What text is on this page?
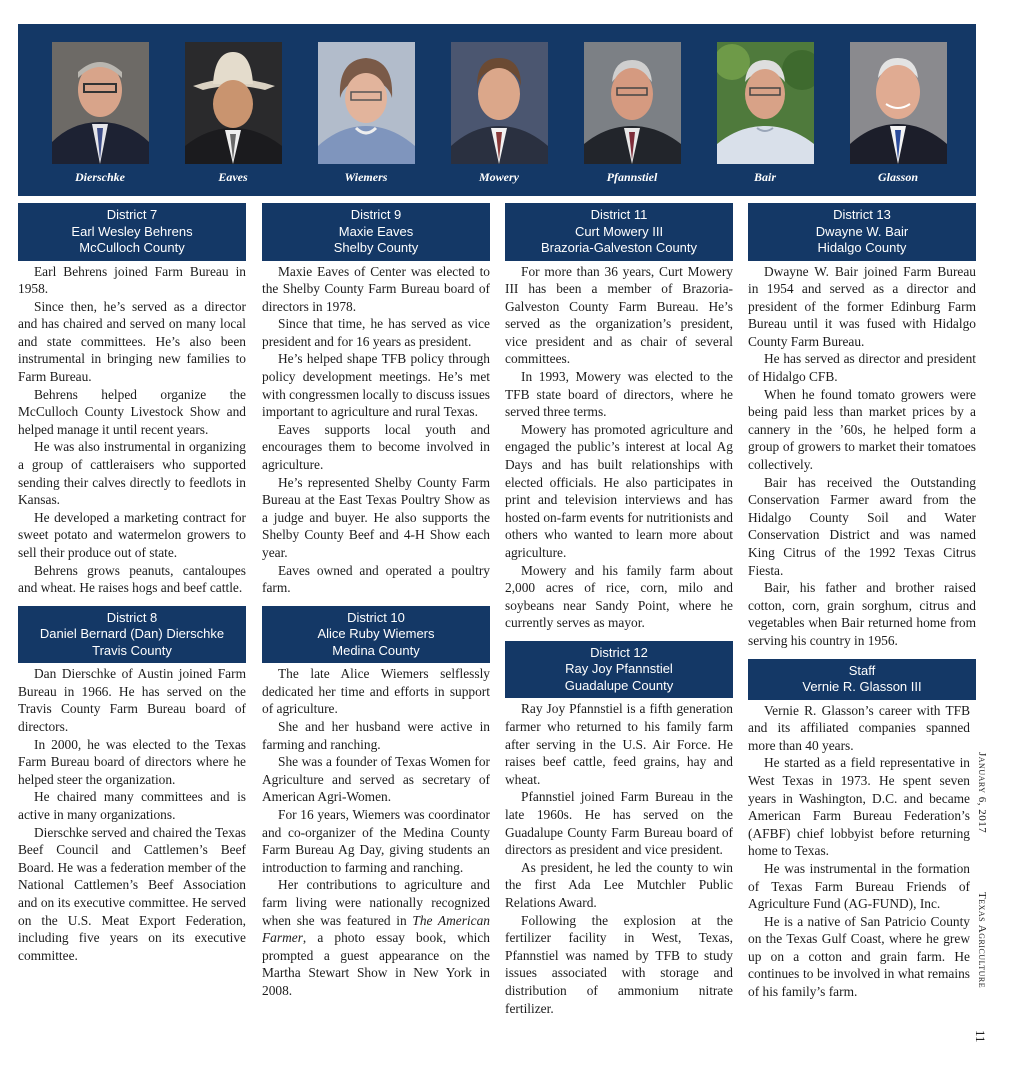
Dierschke	Eaves	Wiemers	Mowery	Pfannstiel	Bair	Glasson
District 7
Earl Wesley Behrens
McCulloch County

Earl Behrens joined Farm Bureau in 1958.

Since then, he’s served as a director and has chaired and served on many local and state committees. He’s also been instrumental in bringing new families to Farm Bureau.

Behrens helped organize the McCulloch County Livestock Show and helped manage it until recent years.

He was also instrumental in organizing a group of cattleraisers who supported sending their calves directly to feedlots in Kansas.

He developed a marketing contract for sweet potato and watermelon growers to sell their produce out of state.

Behrens grows peanuts, cantaloupes and wheat. He raises hogs and beef cattle.

District 8
Daniel Bernard (Dan) Dierschke
Travis County

Dan Dierschke of Austin joined Farm Bureau in 1966. He has served on the Travis County Farm Bureau board of directors.

In 2000, he was elected to the Texas Farm Bureau board of directors where he helped steer the organization.

He chaired many committees and is active in many organizations.

Dierschke served and chaired the Texas Beef Council and Cattlemen’s Beef Board. He was a federation member of the National Cattlemen’s Beef Association and on its executive committee. He served on the U.S. Meat Export Federation, including five years on its executive committee.

District 9
Maxie Eaves
Shelby County

Maxie Eaves of Center was elected to the Shelby County Farm Bureau board of directors in 1978.

Since that time, he has served as vice president and for 16 years as president.

He’s helped shape TFB policy through policy development meetings. He’s met with congressmen locally to discuss issues important to agriculture and rural Texas.

Eaves supports local youth and encourages them to become involved in agriculture.

He’s represented Shelby County Farm Bureau at the East Texas Poultry Show as a judge and buyer. He also supports the Shelby County Beef and 4-H Show each year.

Eaves owned and operated a poultry farm.

District 10
Alice Ruby Wiemers
Medina County

The late Alice Wiemers selflessly dedicated her time and efforts in support of agriculture.

She and her husband were active in farming and ranching.

She was a founder of Texas Women for Agriculture and served as secretary of American Agri-Women.

For 16 years, Wiemers was coordinator and co-organizer of the Medina County Farm Bureau Ag Day, giving students an introduction to farming and ranching.

Her contributions to agriculture and farm living were nationally recognized when she was featured in The American Farmer, a photo essay book, which prompted a guest appearance on the Martha Stewart Show in New York in 2008.

District 11
Curt Mowery III
Brazoria-Galveston County

For more than 36 years, Curt Mowery III has been a member of Brazoria-Galveston County Farm Bureau. He’s served as the organization’s president, vice president and as chair of several committees.

In 1993, Mowery was elected to the TFB state board of directors, where he served three terms.

Mowery has promoted agriculture and engaged the public’s interest at local Ag Days and has built relationships with elected officials. He also participates in print and television interviews and has hosted on-farm events for nutritionists and others who wanted to learn more about agriculture.

Mowery and his family farm about 2,000 acres of rice, corn, milo and soybeans near Sandy Point, where he currently serves as mayor.

District 12
Ray Joy Pfannstiel
Guadalupe County

Ray Joy Pfannstiel is a fifth generation farmer who returned to his family farm after serving in the U.S. Air Force. He raises beef cattle, feed grains, hay and wheat.

Pfannstiel joined Farm Bureau in the late 1960s. He has served on the Guadalupe County Farm Bureau board of directors as president and vice president.

As president, he led the county to win the first Ada Lee Mutchler Public Relations Award.

Following the explosion at the fertilizer facility in West, Texas, Pfannstiel was named by TFB to study issues associated with storage and distribution of ammonium nitrate fertilizer.

District 13
Dwayne W. Bair
Hidalgo County

Dwayne W. Bair joined Farm Bureau in 1954 and served as a director and president of the former Edinburg Farm Bureau until it was fused with Hidalgo County Farm Bureau.

He has served as director and president of Hidalgo CFB.

When he found tomato growers were being paid less than market prices by a cannery in the ’60s, he helped form a group of growers to market their tomatoes collectively.

Bair has received the Outstanding Conservation Farmer award from the Hidalgo County Soil and Water Conservation District and was named King Citrus of the 1992 Texas Citrus Fiesta.

Bair, his father and brother raised cotton, corn, grain sorghum, citrus and vegetables when Bair returned home from serving his country in 1956.

Staff
Vernie R. Glasson III

Vernie R. Glasson’s career with TFB and its affiliated companies spanned more than 40 years.

He started as a field representative in West Texas in 1973. He spent seven years in Washington, D.C. and became American Farm Bureau Federation’s (AFBF) chief lobbyist before returning home to Texas.

He was instrumental in the formation of Texas Farm Bureau Friends of Agriculture Fund (AG-FUND), Inc.

He is a native of San Patricio County on the Texas Gulf Coast, where he grew up on a cotton and grain farm. He continues to be involved in what remains of his family’s farm.

January 6, 2017
Texas Agriculture
11
